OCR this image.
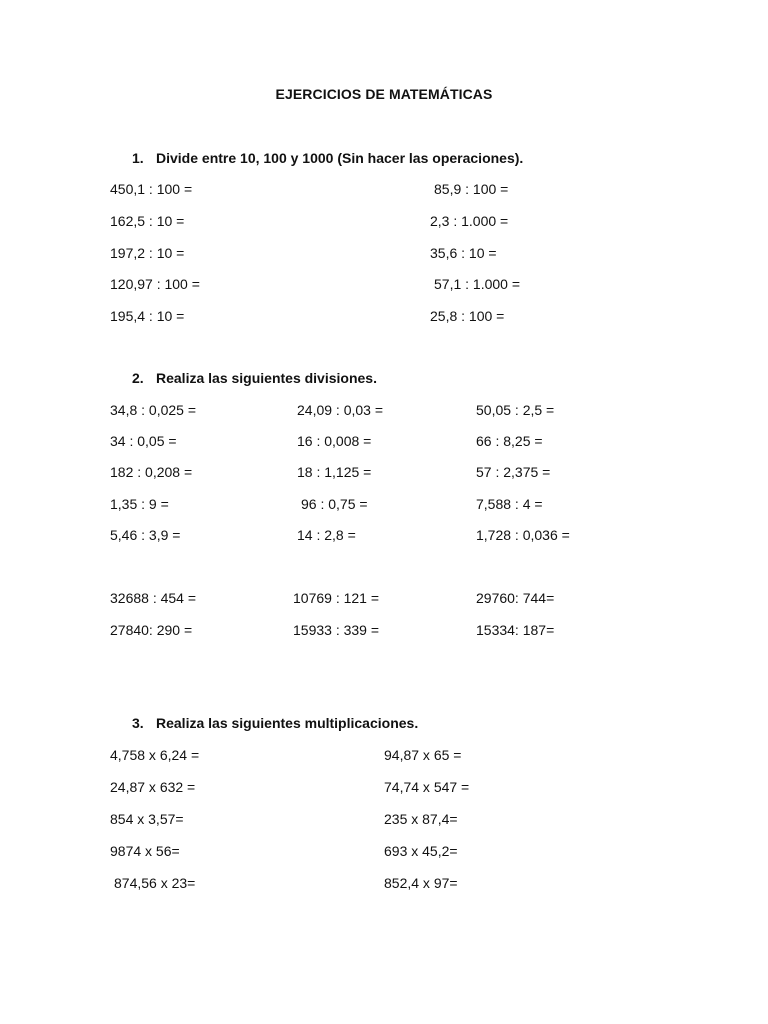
EJERCICIOS DE MATEMÁTICAS
1. Divide entre 10, 100 y 1000 (Sin hacer las operaciones).
450,1 : 100 =
162,5 : 10 =
197,2 : 10 =
120,97 : 100 =
195,4 : 10 =
85,9 : 100 =
2,3 : 1.000 =
35,6 : 10 =
57,1 : 1.000 =
25,8 : 100 =
2. Realiza las siguientes divisiones.
34,8 : 0,025 =
34 : 0,05 =
182 : 0,208 =
1,35 : 9 =
5,46 : 3,9 =
32688 : 454 =
27840: 290 =
24,09 : 0,03 =
16 : 0,008 =
18 : 1,125 =
96 : 0,75 =
14 : 2,8 =
10769 : 121 =
15933 : 339 =
50,05 : 2,5 =
66 : 8,25 =
57 : 2,375 =
7,588 : 4 =
1,728 : 0,036 =
29760: 744=
15334: 187=
3. Realiza las siguientes multiplicaciones.
4,758 x 6,24 =
24,87 x 632 =
854 x 3,57=
9874 x 56=
874,56 x 23=
94,87 x 65 =
74,74 x 547 =
235 x 87,4=
693 x 45,2=
852,4 x 97=
